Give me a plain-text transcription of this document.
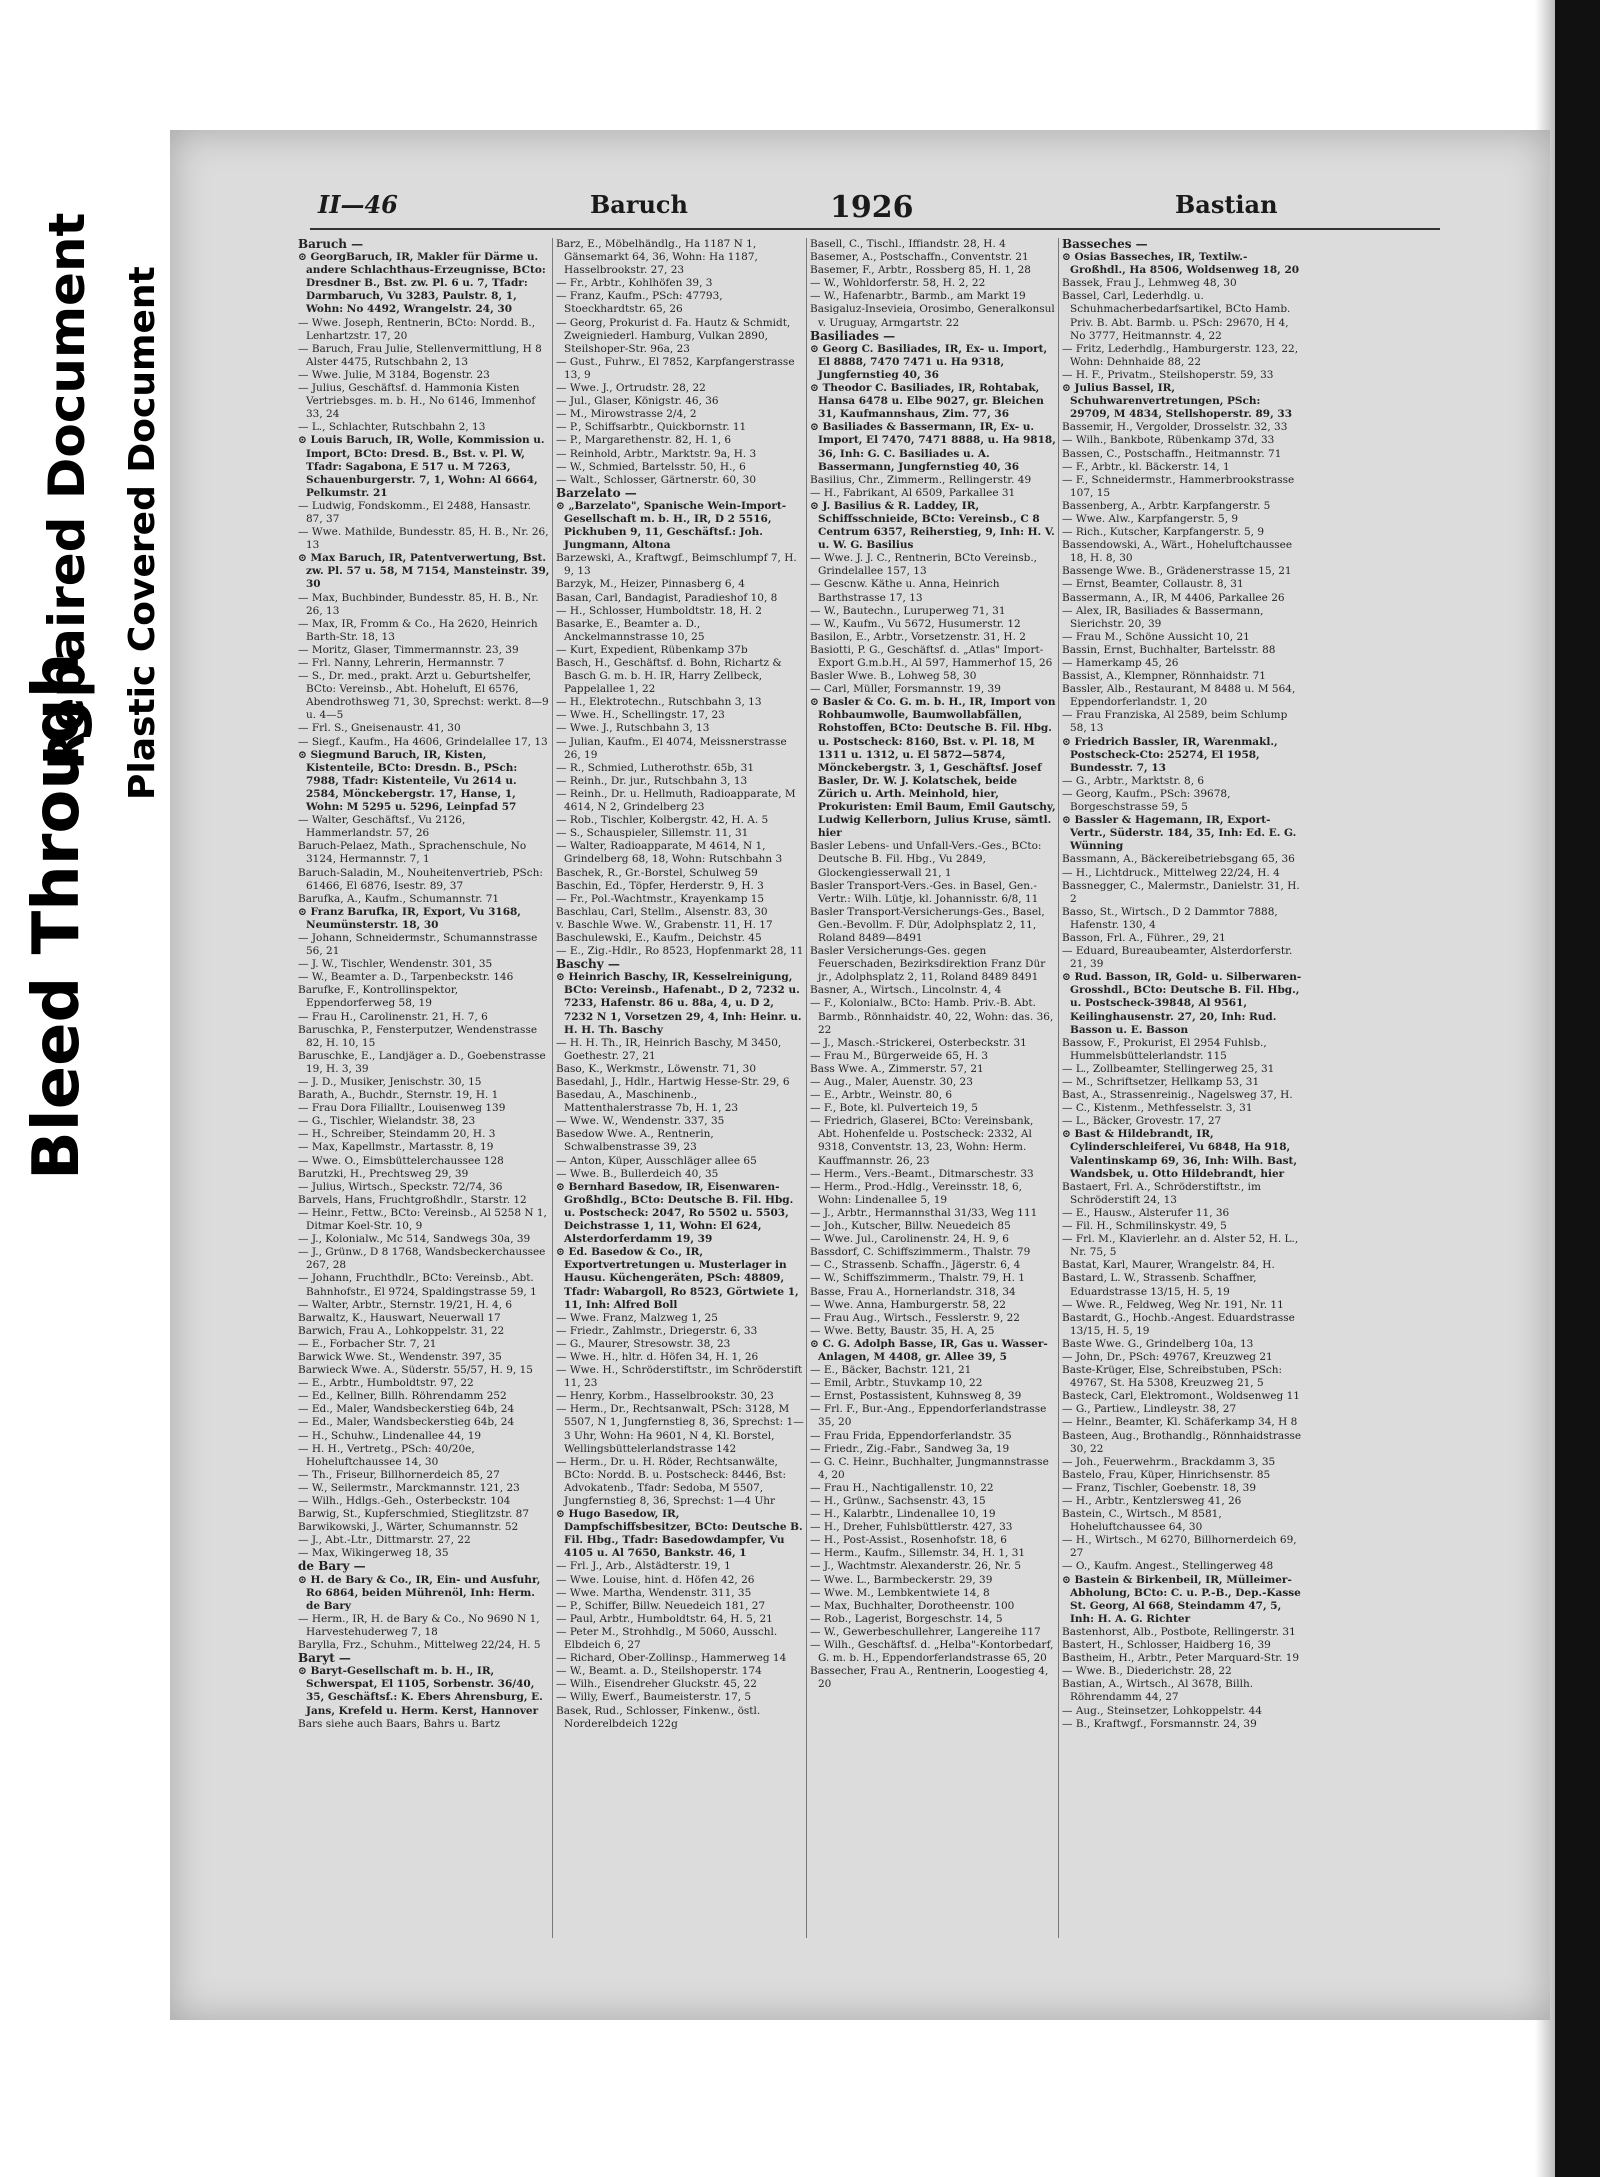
Bleed Through
Repaired Document Plastic Covered Document
II—46	Baruch	1926	Bastian

Baruch —

⊙ GeorgBaruch, IR, Makler für Därme u. andere Schlachthaus-Erzeugnisse, BCto: Dresdner B., Bst. zw. Pl. 6 u. 7, Tfadr: Darmbaruch, Vu 3283, Paulstr. 8, 1, Wohn: No 4492, Wrangelstr. 24, 30

— Wwe. Joseph, Rentnerin, BCto: Nordd. B., Lenhartzstr. 17, 20

— Baruch, Frau Julie, Stellenvermittlung, H 8 Alster 4475, Rutschbahn 2, 13

— Wwe. Julie, M 3184, Bogenstr. 23

— Julius, Geschäftsf. d. Hammonia Kisten Vertriebsges. m. b. H., No 6146, Immenhof 33, 24

— L., Schlachter, Rutschbahn 2, 13

⊙ Louis Baruch, IR, Wolle, Kommission u. Import, BCto: Dresd. B., Bst. v. Pl. W, Tfadr: Sagabona, E 517 u. M 7263, Schauenburgerstr. 7, 1, Wohn: Al 6664, Pelkumstr. 21

— Ludwig, Fondskomm., El 2488, Hansastr. 87, 37

— Wwe. Mathilde, Bundesstr. 85, H. B., Nr. 26, 13

⊙ Max Baruch, IR, Patentverwertung, Bst. zw. Pl. 57 u. 58, M 7154, Mansteinstr. 39, 30

— Max, Buchbinder, Bundesstr. 85, H. B., Nr. 26, 13

— Max, IR, Fromm & Co., Ha 2620, Heinrich Barth-Str. 18, 13

— Moritz, Glaser, Timmermannstr. 23, 39

— Frl. Nanny, Lehrerin, Hermannstr. 7

— S., Dr. med., prakt. Arzt u. Geburtshelfer, BCto: Vereinsb., Abt. Hoheluft, El 6576, Abendrothsweg 71, 30, Sprechst: werkt. 8—9 u. 4—5

— Frl. S., Gneisenaustr. 41, 30

— Siegf., Kaufm., Ha 4606, Grindelallee 17, 13

⊙ Siegmund Baruch, IR, Kisten, Kistenteile, BCto: Dresdn. B., PSch: 7988, Tfadr: Kistenteile, Vu 2614 u. 2584, Mönckebergstr. 17, Hanse, 1, Wohn: M 5295 u. 5296, Leinpfad 57

— Walter, Geschäftsf., Vu 2126, Hammerlandstr. 57, 26

Baruch-Pelaez, Math., Sprachenschule, No 3124, Hermannstr. 7, 1

Baruch-Saladin, M., Nouheitenvertrieb, PSch: 61466, El 6876, Isestr. 89, 37

Barufka, A., Kaufm., Schumannstr. 71

⊙ Franz Barufka, IR, Export, Vu 3168, Neumünsterstr. 18, 30

— Johann, Schneidermstr., Schumannstrasse 56, 21

— J. W., Tischler, Wendenstr. 301, 35

— W., Beamter a. D., Tarpenbeckstr. 146

Barufke, F., Kontrollinspektor, Eppendorferweg 58, 19

— Frau H., Carolinenstr. 21, H. 7, 6

Baruschka, P., Fensterputzer, Wendenstrasse 82, H. 10, 15

Baruschke, E., Landjäger a. D., Goebenstrasse 19, H. 3, 39

— J. D., Musiker, Jenischstr. 30, 15

Barath, A., Buchdr., Sternstr. 19, H. 1

— Frau Dora Filialltr., Louisenweg 139

— G., Tischler, Wielandstr. 38, 23

— H., Schreiber, Steindamm 20, H. 3

— Max, Kapellmstr., Martasstr. 8, 19

— Wwe. O., Eimsbüttelerchaussee 128

Barutzki, H., Prechtsweg 29, 39

— Julius, Wirtsch., Speckstr. 72/74, 36

Barvels, Hans, Fruchtgroßhdlr., Starstr. 12

— Heinr., Fettw., BCto: Vereinsb., Al 5258 N 1, Ditmar Koel-Str. 10, 9

— J., Kolonialw., Mc 514, Sandwegs 30a, 39

— J., Grünw., D 8 1768, Wandsbeckerchaussee 267, 28

— Johann, Fruchthdlr., BCto: Vereinsb., Abt. Bahnhofstr., El 9724, Spaldingstrasse 59, 1

— Walter, Arbtr., Sternstr. 19/21, H. 4, 6

Barwaltz, K., Hauswart, Neuerwall 17

Barwich, Frau A., Lohkoppelstr. 31, 22

— E., Forbacher Str. 7, 21

Barwick Wwe. St., Wendenstr. 397, 35

Barwieck Wwe. A., Süderstr. 55/57, H. 9, 15

— E., Arbtr., Humboldtstr. 97, 22

— Ed., Kellner, Billh. Röhrendamm 252

— Ed., Maler, Wandsbeckerstieg 64b, 24

— Ed., Maler, Wandsbeckerstieg 64b, 24

— H., Schuhw., Lindenallee 44, 19

— H. H., Vertretg., PSch: 40/20e, Hoheluftchaussee 14, 30

— Th., Friseur, Billhornerdeich 85, 27

— W., Seilermstr., Marckmannstr. 121, 23

— Wilh., Hdlgs.-Geh., Osterbeckstr. 104

Barwig, St., Kupferschmied, Stieglitzstr. 87

Barwikowski, J., Wärter, Schumannstr. 52

— J., Abt.-Ltr., Dittmarstr. 27, 22

— Max, Wikingerweg 18, 35

de Bary —

⊙ H. de Bary & Co., IR, Ein- und Ausfuhr, Ro 6864, beiden Mührenöl, Inh: Herm. de Bary

— Herm., IR, H. de Bary & Co., No 9690 N 1, Harvestehuderweg 7, 18

Barylla, Frz., Schuhm., Mittelweg 22/24, H. 5

Baryt —

⊙ Baryt-Gesellschaft m. b. H., IR, Schwerspat, El 1105, Sorbenstr. 36/40, 35, Geschäftsf.: K. Ebers Ahrensburg, E. Jans, Krefeld u. Herm. Kerst, Hannover

Bars siehe auch Baars, Bahrs u. Bartz

Barz, E., Möbelhändlg., Ha 1187 N 1, Gänsemarkt 64, 36, Wohn: Ha 1187, Hasselbrookstr. 27, 23

— Fr., Arbtr., Kohlhöfen 39, 3

— Franz, Kaufm., PSch: 47793, Stoeckhardtstr. 65, 26

— Georg, Prokurist d. Fa. Hautz & Schmidt, Zweigniederl. Hamburg, Vulkan 2890, Steilshoper-Str. 96a, 23

— Gust., Fuhrw., El 7852, Karpfangerstrasse 13, 9

— Wwe. J., Ortrudstr. 28, 22

— Jul., Glaser, Königstr. 46, 36

— M., Mirowstrasse 2/4, 2

— P., Schiffsarbtr., Quickbornstr. 11

— P., Margarethenstr. 82, H. 1, 6

— Reinhold, Arbtr., Marktstr. 9a, H. 3

— W., Schmied, Bartelsstr. 50, H., 6

— Walt., Schlosser, Gärtnerstr. 60, 30

Barzelato —

⊙ „Barzelato", Spanische Wein-Import-Gesellschaft m. b. H., IR, D 2 5516, Pickhuben 9, 11, Geschäftsf.: Joh. Jungmann, Altona

Barzewski, A., Kraftwgf., Beimschlumpf 7, H. 9, 13

Barzyk, M., Heizer, Pinnasberg 6, 4

Basan, Carl, Bandagist, Paradieshof 10, 8

— H., Schlosser, Humboldtstr. 18, H. 2

Basarke, E., Beamter a. D., Anckelmannstrasse 10, 25

— Kurt, Expedient, Rübenkamp 37b

Basch, H., Geschäftsf. d. Bohn, Richartz & Basch G. m. b. H. IR, Harry Zellbeck, Pappelallee 1, 22

— H., Elektrotechn., Rutschbahn 3, 13

— Wwe. H., Schellingstr. 17, 23

— Wwe. J., Rutschbahn 3, 13

— Julian, Kaufm., El 4074, Meissnerstrasse 26, 19

— R., Schmied, Lutherothstr. 65b, 31

— Reinh., Dr. jur., Rutschbahn 3, 13

— Reinh., Dr. u. Hellmuth, Radioapparate, M 4614, N 2, Grindelberg 23

— Rob., Tischler, Kolbergstr. 42, H. A. 5

— S., Schauspieler, Sillemstr. 11, 31

— Walter, Radioapparate, M 4614, N 1, Grindelberg 68, 18, Wohn: Rutschbahn 3

Baschek, R., Gr.-Borstel, Schulweg 59

Baschin, Ed., Töpfer, Herderstr. 9, H. 3

— Fr., Pol.-Wachtmstr., Krayenkamp 15

Baschlau, Carl, Stellm., Alsenstr. 83, 30

v. Baschle Wwe. W., Grabenstr. 11, H. 17

Baschulewski, E., Kaufm., Deichstr. 45

— E., Zig.-Hdlr., Ro 8523, Hopfenmarkt 28, 11

Baschy —

⊙ Heinrich Baschy, IR, Kesselreinigung, BCto: Vereinsb., Hafenabt., D 2, 7232 u. 7233, Hafenstr. 86 u. 88a, 4, u. D 2, 7232 N 1, Vorsetzen 29, 4, Inh: Heinr. u. H. H. Th. Baschy

— H. H. Th., IR, Heinrich Baschy, M 3450, Goethestr. 27, 21

Baso, K., Werkmstr., Löwenstr. 71, 30

Basedahl, J., Hdlr., Hartwig Hesse-Str. 29, 6

Basedau, A., Maschinenb., Mattenthalerstrasse 7b, H. 1, 23

— Wwe. W., Wendenstr. 337, 35

Basedow Wwe. A., Rentnerin, Schwalbenstrasse 39, 23

— Anton, Küper, Ausschläger allee 65

— Wwe. B., Bullerdeich 40, 35

⊙ Bernhard Basedow, IR, Eisenwaren-Großhdlg., BCto: Deutsche B. Fil. Hbg. u. Postscheck: 2047, Ro 5502 u. 5503, Deichstrasse 1, 11, Wohn: El 624, Alsterdorferdamm 19, 39

⊙ Ed. Basedow & Co., IR, Exportvertretungen u. Musterlager in Hausu. Küchengeräten, PSch: 48809, Tfadr: Wabargoll, Ro 8523, Görtwiete 1, 11, Inh: Alfred Boll

— Wwe. Franz, Malzweg 1, 25

— Friedr., Zahlmstr., Driegerstr. 6, 33

— G., Maurer, Stresowstr. 38, 23

— Wwe. H., hltr. d. Höfen 34, H. 1, 26

— Wwe. H., Schröderstiftstr., im Schröderstift 11, 23

— Henry, Korbm., Hasselbrookstr. 30, 23

— Herm., Dr., Rechtsanwalt, PSch: 3128, M 5507, N 1, Jungfernstieg 8, 36, Sprechst: 1—3 Uhr, Wohn: Ha 9601, N 4, Kl. Borstel, Wellingsbüttelerlandstrasse 142

— Herm., Dr. u. H. Röder, Rechtsanwälte, BCto: Nordd. B. u. Postscheck: 8446, Bst: Advokatenb., Tfadr: Sedoba, M 5507, Jungfernstieg 8, 36, Sprechst: 1—4 Uhr

⊙ Hugo Basedow, IR, Dampfschiffsbesitzer, BCto: Deutsche B. Fil. Hbg., Tfadr: Basedowdampfer, Vu 4105 u. Al 7650, Bankstr. 46, 1

— Frl. J., Arb., Alstädterstr. 19, 1

— Wwe. Louise, hint. d. Höfen 42, 26

— Wwe. Martha, Wendenstr. 311, 35

— P., Schiffer, Billw. Neuedeich 181, 27

— Paul, Arbtr., Humboldtstr. 64, H. 5, 21

— Peter M., Strohhdlg., M 5060, Ausschl. Elbdeich 6, 27

— Richard, Ober-Zollinsp., Hammerweg 14

— W., Beamt. a. D., Steilshoperstr. 174

— Wilh., Eisendreher Gluckstr. 45, 22

— Willy, Ewerf., Baumeisterstr. 17, 5

Basek, Rud., Schlosser, Finkenw., östl. Norderelbdeich 122g

Basell, C., Tischl., Iffiandstr. 28, H. 4

Basemer, A., Postschaffn., Conventstr. 21

Basemer, F., Arbtr., Rossberg 85, H. 1, 28

— W., Wohldorferstr. 58, H. 2, 22

— W., Hafenarbtr., Barmb., am Markt 19

Basigaluz-Insevieia, Orosimbo, Generalkonsul v. Uruguay, Armgartstr. 22

Basiliades —

⊙ Georg C. Basiliades, IR, Ex- u. Import, El 8888, 7470 7471 u. Ha 9318, Jungfernstieg 40, 36

⊙ Theodor C. Basiliades, IR, Rohtabak, Hansa 6478 u. Elbe 9027, gr. Bleichen 31, Kaufmannshaus, Zim. 77, 36

⊙ Basiliades & Bassermann, IR, Ex- u. Import, El 7470, 7471 8888, u. Ha 9818, 36, Inh: G. C. Basiliades u. A. Bassermann, Jungfernstieg 40, 36

Basilius, Chr., Zimmerm., Rellingerstr. 49

— H., Fabrikant, Al 6509, Parkallee 31

⊙ J. Basilius & R. Laddey, IR, Schiffsschnieide, BCto: Vereinsb., C 8 Centrum 6357, Reiherstieg, 9, Inh: H. V. u. W. G. Basilius

— Wwe. J. J. C., Rentnerin, BCto Vereinsb., Grindelallee 157, 13

— Gescnw. Käthe u. Anna, Heinrich Barthstrasse 17, 13

— W., Bautechn., Luruperweg 71, 31

— W., Kaufm., Vu 5672, Husumerstr. 12

Basilon, E., Arbtr., Vorsetzenstr. 31, H. 2

Basiotti, P. G., Geschäftsf. d. „Atlas" Import-Export G.m.b.H., Al 597, Hammerhof 15, 26

Basler Wwe. B., Lohweg 58, 30

— Carl, Müller, Forsmannstr. 19, 39

⊙ Basler & Co. G. m. b. H., IR, Import von Rohbaumwolle, Baumwollabfällen, Rohstoffen, BCto: Deutsche B. Fil. Hbg. u. Postscheck: 8160, Bst. v. Pl. 18, M 1311 u. 1312, u. El 5872—5874, Mönckebergstr. 3, 1, Geschäftsf. Josef Basler, Dr. W. J. Kolatschek, beide Zürich u. Arth. Meinhold, hier, Prokuristen: Emil Baum, Emil Gautschy, Ludwig Kellerborn, Julius Kruse, sämtl. hier

Basler Lebens- und Unfall-Vers.-Ges., BCto: Deutsche B. Fil. Hbg., Vu 2849, Glockengiesserwall 21, 1

Basler Transport-Vers.-Ges. in Basel, Gen.-Vertr.: Wilh. Lütje, kl. Johannisstr. 6/8, 11

Basler Transport-Versicherungs-Ges., Basel, Gen.-Bevollm. F. Dür, Adolphsplatz 2, 11, Roland 8489—8491

Basler Versicherungs-Ges. gegen Feuerschaden, Bezirksdirektion Franz Dür jr., Adolphsplatz 2, 11, Roland 8489 8491

Basner, A., Wirtsch., Lincolnstr. 4, 4

— F., Kolonialw., BCto: Hamb. Priv.-B. Abt. Barmb., Rönnhaidstr. 40, 22, Wohn: das. 36, 22

— J., Masch.-Strickerei, Osterbeckstr. 31

— Frau M., Bürgerweide 65, H. 3

Bass Wwe. A., Zimmerstr. 57, 21

— Aug., Maler, Auenstr. 30, 23

— E., Arbtr., Weinstr. 80, 6

— F., Bote, kl. Pulverteich 19, 5

— Friedrich, Glaserei, BCto: Vereinsbank, Abt. Hohenfelde u. Postscheck: 2332, Al 9318, Conventstr. 13, 23, Wohn: Herm. Kauffmannstr. 26, 23

— Herm., Vers.-Beamt., Ditmarschestr. 33

— Herm., Prod.-Hdlg., Vereinsstr. 18, 6, Wohn: Lindenallee 5, 19

— J., Arbtr., Hermannsthal 31/33, Weg 111

— Joh., Kutscher, Billw. Neuedeich 85

— Wwe. Jul., Carolinenstr. 24, H. 9, 6

Bassdorf, C. Schiffszimmerm., Thalstr. 79

— C., Strassenb. Schaffn., Jägerstr. 6, 4

— W., Schiffszimmerm., Thalstr. 79, H. 1

Basse, Frau A., Hornerlandstr. 318, 34

— Wwe. Anna, Hamburgerstr. 58, 22

— Frau Aug., Wirtsch., Fesslerstr. 9, 22

— Wwe. Betty, Baustr. 35, H. A, 25

⊙ C. G. Adolph Basse, IR, Gas u. Wasser-Anlagen, M 4408, gr. Allee 39, 5

— E., Bäcker, Bachstr. 121, 21

— Emil, Arbtr., Stuvkamp 10, 22

— Ernst, Postassistent, Kuhnsweg 8, 39

— Frl. F., Bur.-Ang., Eppendorferlandstrasse 35, 20

— Frau Frida, Eppendorferlandstr. 35

— Friedr., Zig.-Fabr., Sandweg 3a, 19

— G. C. Heinr., Buchhalter, Jungmannstrasse 4, 20

— Frau H., Nachtigallenstr. 10, 22

— H., Grünw., Sachsenstr. 43, 15

— H., Kalarbtr., Lindenallee 10, 19

— H., Dreher, Fuhlsbüttlerstr. 427, 33

— H., Post-Assist., Rosenhofstr. 18, 6

— Herm., Kaufm., Sillemstr. 34, H. 1, 31

— J., Wachtmstr. Alexanderstr. 26, Nr. 5

— Wwe. L., Barmbeckerstr. 29, 39

— Wwe. M., Lembkentwiete 14, 8

— Max, Buchhalter, Dorotheenstr. 100

— Rob., Lagerist, Borgeschstr. 14, 5

— W., Gewerbeschullehrer, Langereihe 117

— Wilh., Geschäftsf. d. „Helba"-Kontorbedarf, G. m. b. H., Eppendorferlandstrasse 65, 20

Bassecher, Frau A., Rentnerin, Loogestieg 4, 20

Basseches —

⊙ Osias Basseches, IR, Textilw.-Großhdl., Ha 8506, Woldsenweg 18, 20

Bassek, Frau J., Lehmweg 48, 30

Bassel, Carl, Lederhdlg. u. Schuhmacherbedarfsartikel, BCto Hamb. Priv. B. Abt. Barmb. u. PSch: 29670, H 4, No 3777, Heitmannstr. 4, 22

— Fritz, Lederhdlg., Hamburgerstr. 123, 22, Wohn: Dehnhaide 88, 22

— H. F., Privatm., Steilshoperstr. 59, 33

⊙ Julius Bassel, IR, Schuhwarenvertretungen, PSch: 29709, M 4834, Stellshoperstr. 89, 33

Bassemir, H., Vergolder, Drosselstr. 32, 33

— Wilh., Bankbote, Rübenkamp 37d, 33

Bassen, C., Postschaffn., Heitmannstr. 71

— F., Arbtr., kl. Bäckerstr. 14, 1

— F., Schneidermstr., Hammerbrookstrasse 107, 15

Bassenberg, A., Arbtr. Karpfangerstr. 5

— Wwe. Alw., Karpfangerstr. 5, 9

— Rich., Kutscher, Karpfangerstr. 5, 9

Bassendowski, A., Wärt., Hoheluftchaussee 18, H. 8, 30

Bassenge Wwe. B., Grädenerstrasse 15, 21

— Ernst, Beamter, Collaustr. 8, 31

Bassermann, A., IR, M 4406, Parkallee 26

— Alex, IR, Basiliades & Bassermann, Sierichstr. 20, 39

— Frau M., Schöne Aussicht 10, 21

Bassin, Ernst, Buchhalter, Bartelsstr. 88

— Hamerkamp 45, 26

Bassist, A., Klempner, Rönnhaidstr. 71

Bassler, Alb., Restaurant, M 8488 u. M 564, Eppendorferlandstr. 1, 20

— Frau Franziska, Al 2589, beim Schlump 58, 13

⊙ Friedrich Bassler, IR, Warenmakl., Postscheck-Cto: 25274, El 1958, Bundesstr. 7, 13

— G., Arbtr., Marktstr. 8, 6

— Georg, Kaufm., PSch: 39678, Borgeschstrasse 59, 5

⊙ Bassler & Hagemann, IR, Export-Vertr., Süderstr. 184, 35, Inh: Ed. E. G. Wünning

Bassmann, A., Bäckereibetriebsgang 65, 36

— H., Lichtdruck., Mittelweg 22/24, H. 4

Bassnegger, C., Malermstr., Danielstr. 31, H. 2

Basso, St., Wirtsch., D 2 Dammtor 7888, Hafenstr. 130, 4

Basson, Frl. A., Führer., 29, 21

— Eduard, Bureaubeamter, Alsterdorferstr. 21, 39

⊙ Rud. Basson, IR, Gold- u. Silberwaren-Grosshdl., BCto: Deutsche B. Fil. Hbg., u. Postscheck-39848, Al 9561, Keilinghausenstr. 27, 20, Inh: Rud. Basson u. E. Basson

Bassow, F., Prokurist, El 2954 Fuhlsb., Hummelsbüttelerlandstr. 115

— L., Zollbeamter, Stellingerweg 25, 31

— M., Schriftsetzer, Hellkamp 53, 31

Bast, A., Strassenreinig., Nagelsweg 37, H.

— C., Kistenm., Methfesselstr. 3, 31

— L., Bäcker, Grovestr. 17, 27

⊙ Bast & Hildebrandt, IR, Cylinderschleiferei, Vu 6848, Ha 918, Valentinskamp 69, 36, Inh: Wilh. Bast, Wandsbek, u. Otto Hildebrandt, hier

Bastaert, Frl. A., Schröderstiftstr., im Schröderstift 24, 13

— E., Hausw., Alsterufer 11, 36

— Fil. H., Schmilinskystr. 49, 5

— Frl. M., Klavierlehr. an d. Alster 52, H. L., Nr. 75, 5

Bastat, Karl, Maurer, Wrangelstr. 84, H.

Bastard, L. W., Strassenb. Schaffner, Eduardstrasse 13/15, H. 5, 19

— Wwe. R., Feldweg, Weg Nr. 191, Nr. 11

Bastardt, G., Hochb.-Angest. Eduardstrasse 13/15, H. 5, 19

Baste Wwe. G., Grindelberg 10a, 13

— John, Dr., PSch: 49767, Kreuzweg 21

Baste-Krüger, Else, Schreibstuben, PSch: 49767, St. Ha 5308, Kreuzweg 21, 5

Basteck, Carl, Elektromont., Woldsenweg 11

— G., Partiew., Lindleystr. 38, 27

— Helnr., Beamter, Kl. Schäferkamp 34, H 8

Basteen, Aug., Brothandlg., Rönnhaidstrasse 30, 22

— Joh., Feuerwehrm., Brackdamm 3, 35

Bastelo, Frau, Küper, Hinrichsenstr. 85

— Franz, Tischler, Goebenstr. 18, 39

— H., Arbtr., Kentzlersweg 41, 26

Bastein, C., Wirtsch., M 8581, Hoheluftchaussee 64, 30

— H., Wirtsch., M 6270, Billhornerdeich 69, 27

— O., Kaufm. Angest., Stellingerweg 48

⊙ Bastein & Birkenbeil, IR, Mülleimer-Abholung, BCto: C. u. P.-B., Dep.-Kasse St. Georg, Al 668, Steindamm 47, 5, Inh: H. A. G. Richter

Bastenhorst, Alb., Postbote, Rellingerstr. 31

Bastert, H., Schlosser, Haidberg 16, 39

Bastheim, H., Arbtr., Peter Marquard-Str. 19

— Wwe. B., Diederichstr. 28, 22

Bastian, A., Wirtsch., Al 3678, Billh. Röhrendamm 44, 27

— Aug., Steinsetzer, Lohkoppelstr. 44

— B., Kraftwgf., Forsmannstr. 24, 39
